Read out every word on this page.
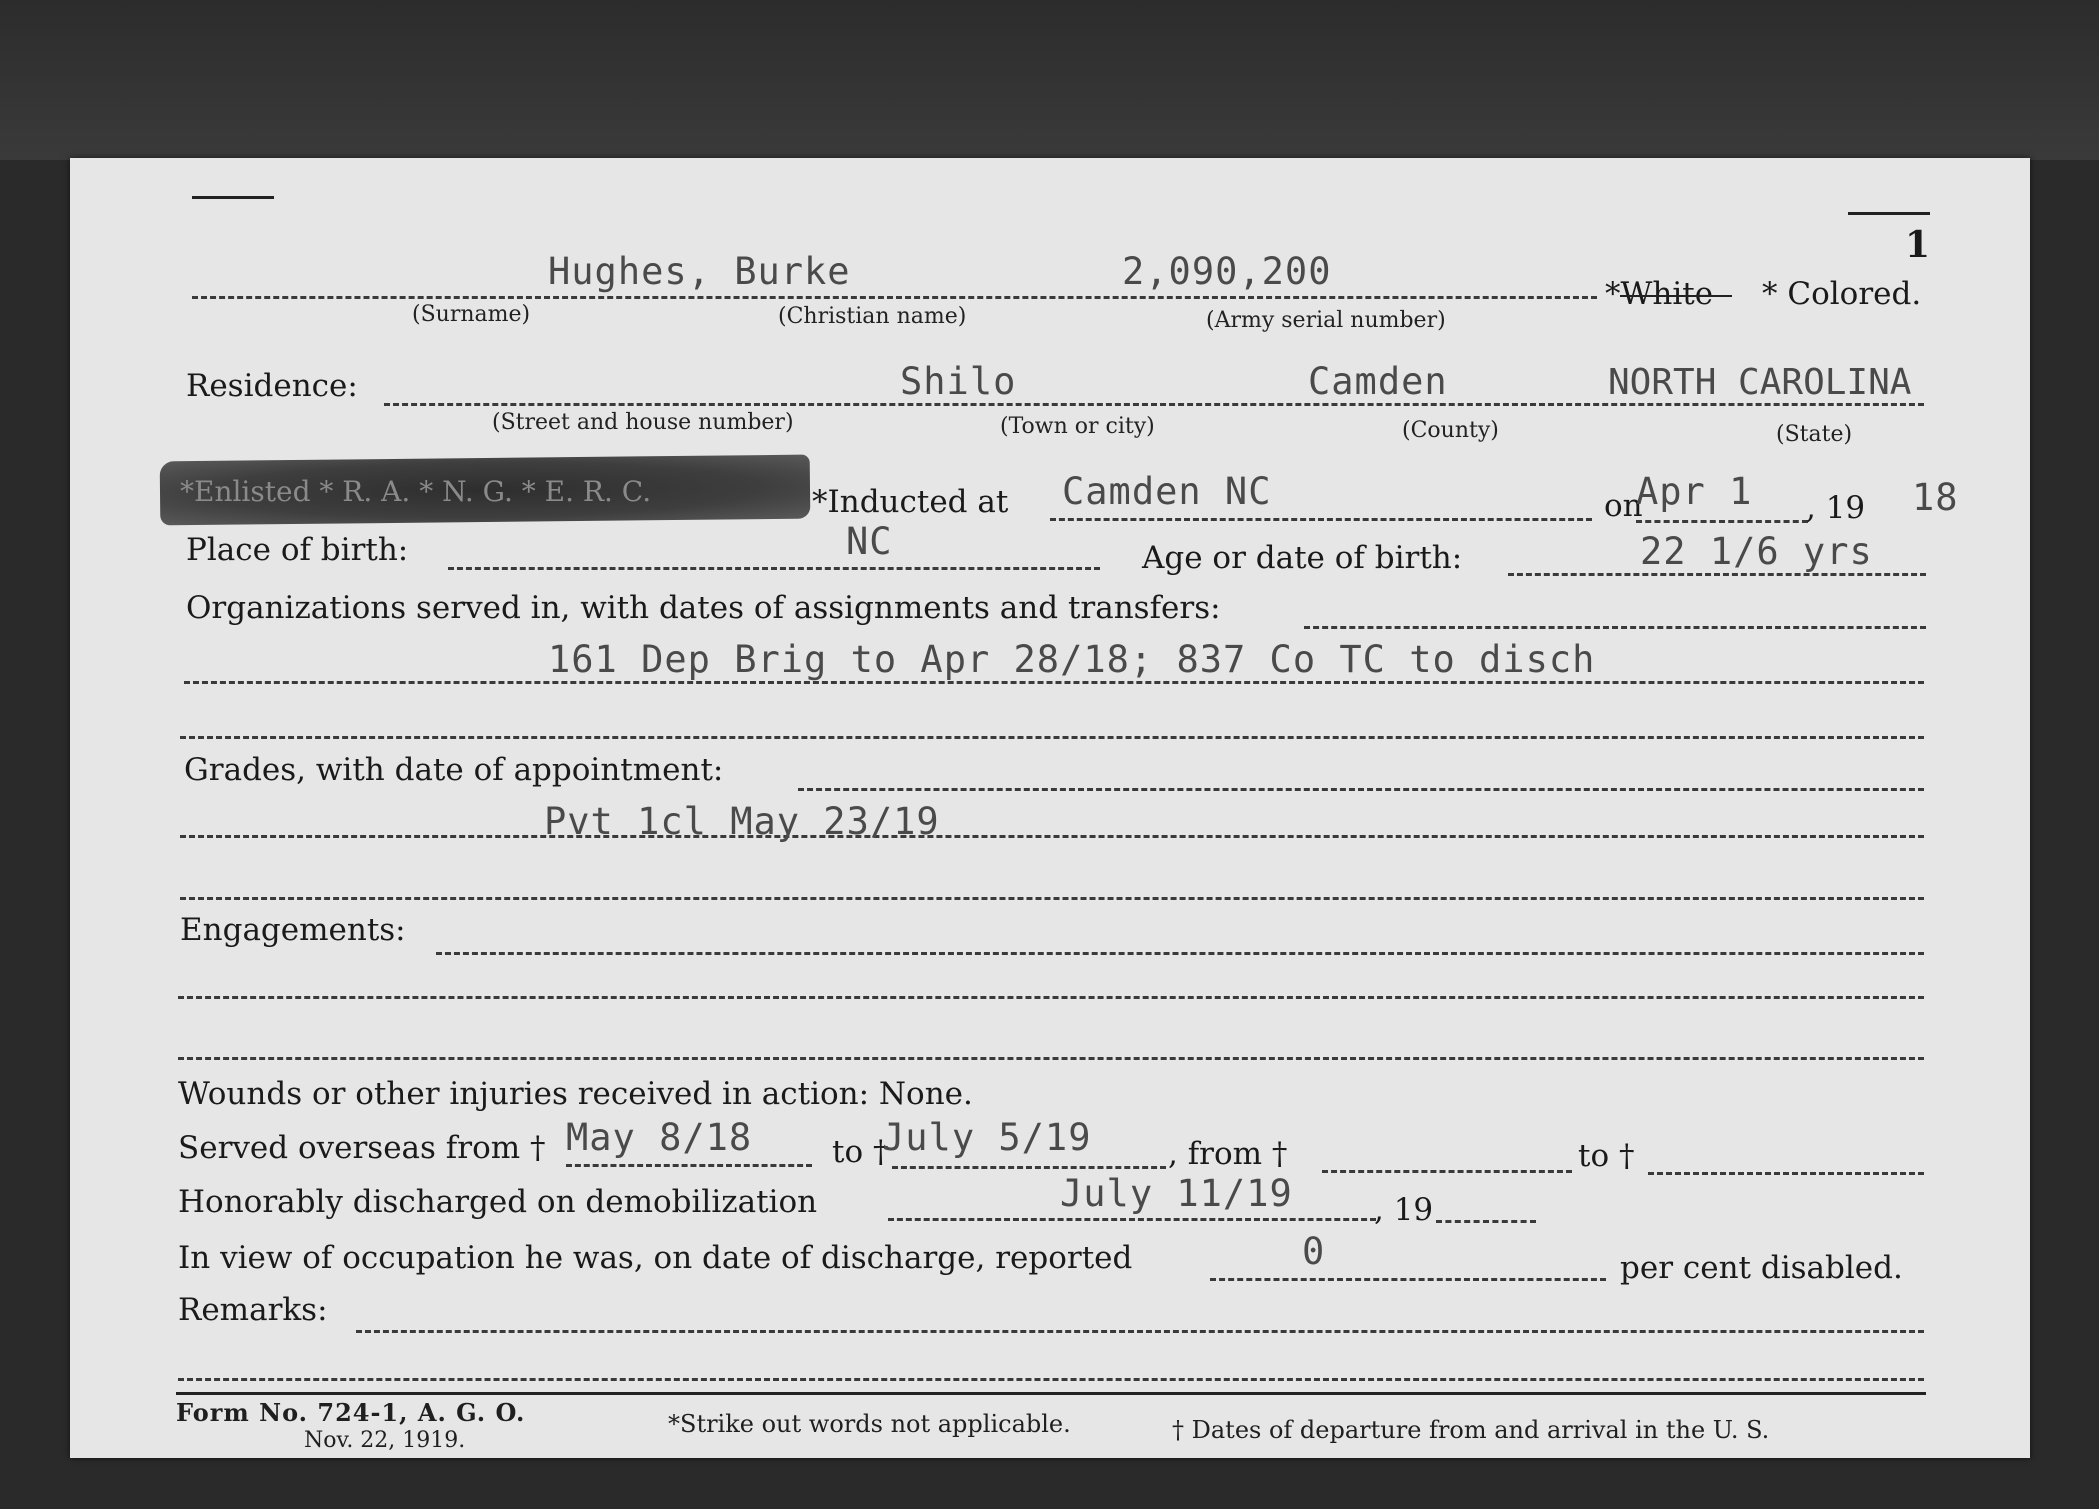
1
Hughes, Burke	2,090,200
*White * Colored.
(Surname)	(Christian name)	(Army serial number)
Residence:	Shilo	Camden	NORTH CAROLINA
(Street and house number)	(Town or city)	(County)	(State)
*Enlisted * R. A. * N. G. * E. R. C.	*Inducted at Camden NC	on
Apr 1 , 19 18
Place of birth:	NC	Age or date of birth:	22 1/6 yrs
Organizations served in, with dates of assignments and transfers:
161 Dep Brig to Apr 28/18; 837 Co TC to disch
Grades, with date of appointment:
Pvt 1cl May 23/19
Engagements:
Wounds or other injuries received in action: None.
Served overseas from † May 8/18	to †
July 5/19 , from †	to †
Honorably discharged on demobilization	July 11/19	, 19
In view of occupation he was, on date of discharge, reported	0	per cent disabled.
Remarks:
Form No. 724-1, A. G. O.
Nov. 22, 1919.
*Strike out words not applicable.	† Dates of departure from and arrival in the U. S.
